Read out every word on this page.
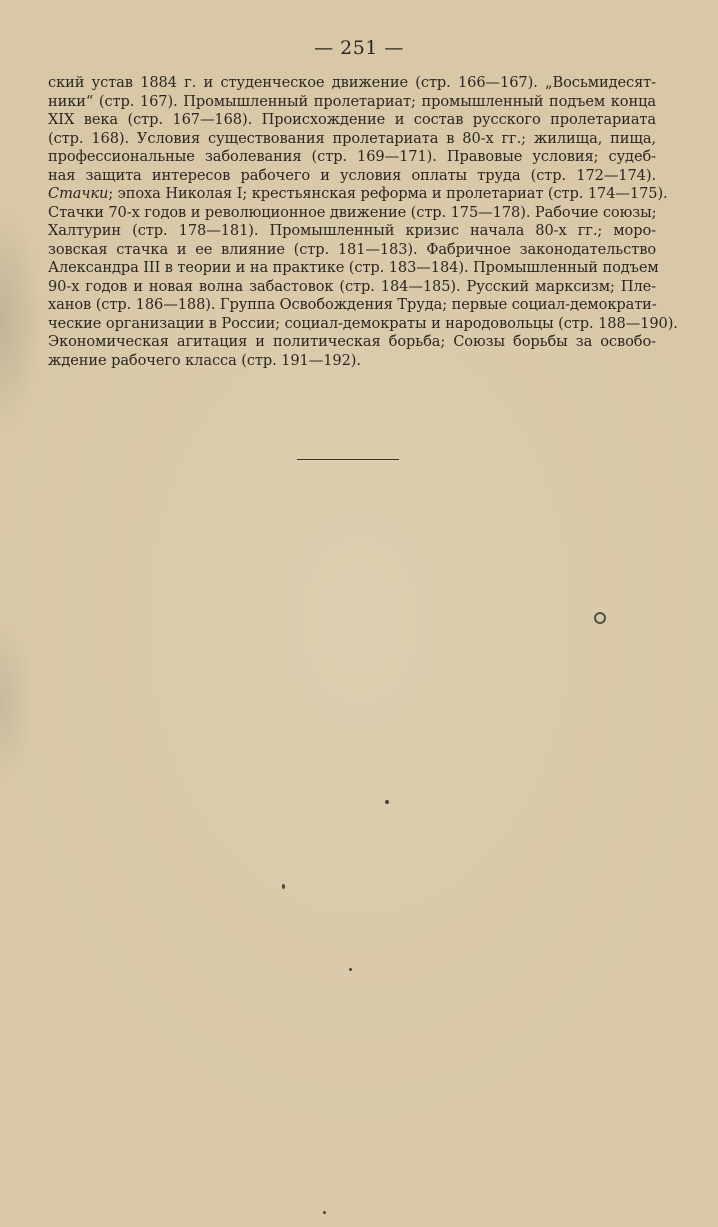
— 251 —
ский устав 1884 г. и студенческое движение (стр. 166—167). „Восьмидесят-
ники“ (стр. 167). Промышленный пролетариат; промышленный подъем конца
XIX века (стр. 167—168). Происхождение и состав русского пролетариата
(стр. 168). Условия существования пролетариата в 80-х гг.; жилища, пища,
профессиональные заболевания (стр. 169—171). Правовые условия; судеб-
ная защита интересов рабочего и условия оплаты труда (стр. 172—174).
Стачки; эпоха Николая I; крестьянская реформа и пролетариат (стр. 174—175).
Стачки 70-х годов и революционное движение (стр. 175—178). Рабочие союзы;
Халтурин (стр. 178—181). Промышленный кризис начала 80-х гг.; моро-
зовская стачка и ее влияние (стр. 181—183). Фабричное законодательство
Александра III в теории и на практике (стр. 183—184). Промышленный подъем
90-х годов и новая волна забастовок (стр. 184—185). Русский марксизм; Пле-
ханов (стр. 186—188). Группа Освобождения Труда; первые социал-демократи-
ческие организации в России; социал-демократы и народовольцы (стр. 188—190).
Экономическая агитация и политическая борьба; Союзы борьбы за освобо-
ждение рабочего класса (стр. 191—192).
